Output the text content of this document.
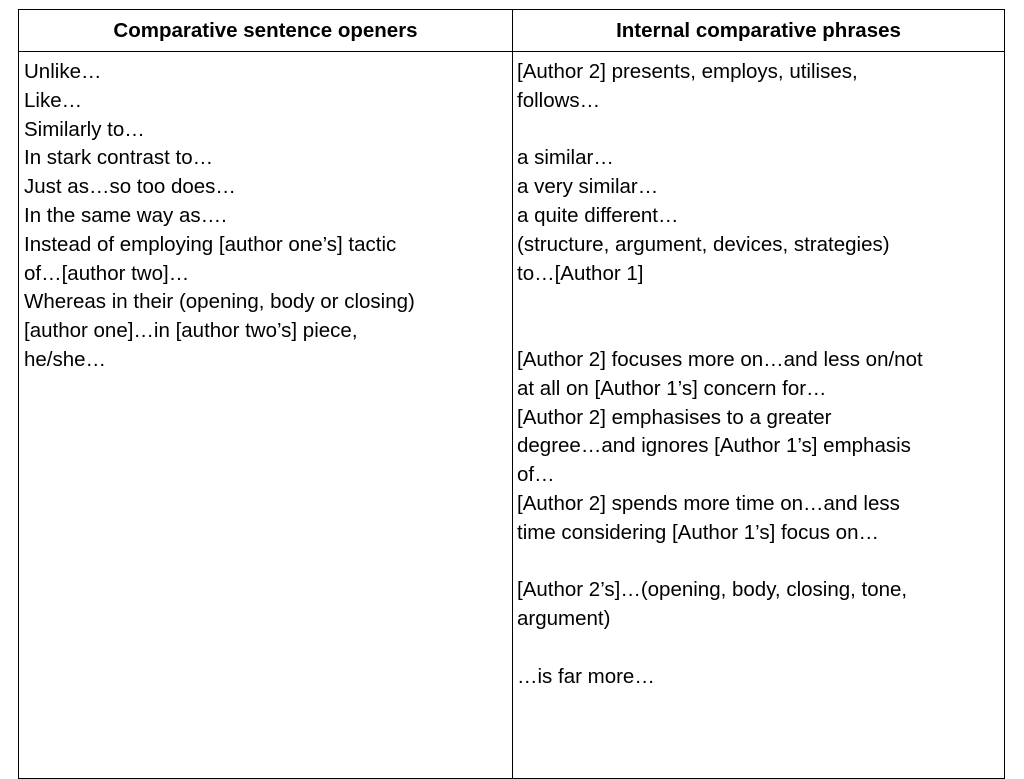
Comparative sentence openers	Internal comparative phrases
Unlike…
Like…
Similarly to…
In stark contrast to…
Just as…so too does…
In the same way as….
Instead of employing [author one’s] tactic
of…[author two]…
Whereas in their (opening, body or closing)
[author one]…in [author two’s] piece,
he/she…
[Author 2] presents, employs, utilises,
follows…
a similar…
a very similar…
a quite different…
(structure, argument, devices, strategies)
to…[Author 1]
[Author 2] focuses more on…and less on/not
at all on [Author 1’s] concern for…
[Author 2] emphasises to a greater
degree…and ignores [Author 1’s] emphasis
of…
[Author 2] spends more time on…and less
time considering [Author 1’s] focus on…
[Author 2’s]…(opening, body, closing, tone,
argument)
…is far more…
